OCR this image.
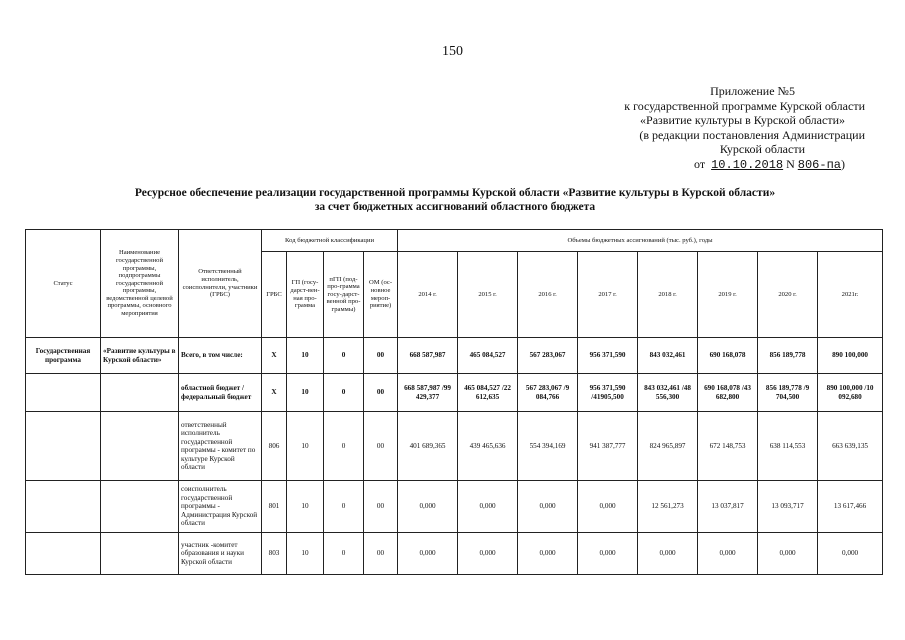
150
Приложение №5
к государственной программе Курской области
«Развитие культуры в Курской области»
(в редакции постановления Администрации
Курской области
от 10.10.2018 N 806-па)
Ресурсное обеспечение реализации государственной программы Курской области «Развитие культуры в Курской области»
за счет бюджетных ассигнований областного бюджета
Статус	Наименование государственной программы, подпрограммы государственной программы, ведомственной целевой программы, основного мероприятия	Ответственный исполнитель, соисполнители, участники (ГРБС)	Код бюджетной классификации				Объемы бюджетных ассигнований (тыс. руб.), годы							
			ГРБС	ГП (госу-дарст-вен-ная про-грамма	пГП (под-про-грамма госу-дарст-венной про-граммы)	ОМ (ос-новное мероп-риятие)	2014 г.	2015 г.	2016 г.	2017 г.	2018 г.	2019 г.	2020 г.	2021г.
Государственная программа	«Развитие культуры в Курской области»	Всего, в том числе:	Х	10	0	00	668 587,987	465 084,527	567 283,067	956 371,590	843 032,461	690 168,078	856 189,778	890 100,000
		областной бюджет /федеральный бюджет	Х	10	0	00	668 587,987 /99 429,377	465 084,527 /22 612,635	567 283,067 /9 084,766	956 371,590 /41905,500	843 032,461 /48 556,300	690 168,078 /43 682,800	856 189,778 /9 704,500	890 100,000 /10 092,680
		ответственный исполнитель государственной программы - комитет по культуре Курской области	806	10	0	00	401 689,365	439 465,636	554 394,169	941 387,777	824 965,897	672 148,753	638 114,553	663 639,135
		соисполнитель государственной программы - Администрация Курской области	801	10	0	00	0,000	0,000	0,000	0,000	12 561,273	13 037,817	13 093,717	13 617,466
		участник -комитет образования и науки Курской области	803	10	0	00	0,000	0,000	0,000	0,000	0,000	0,000	0,000	0,000
